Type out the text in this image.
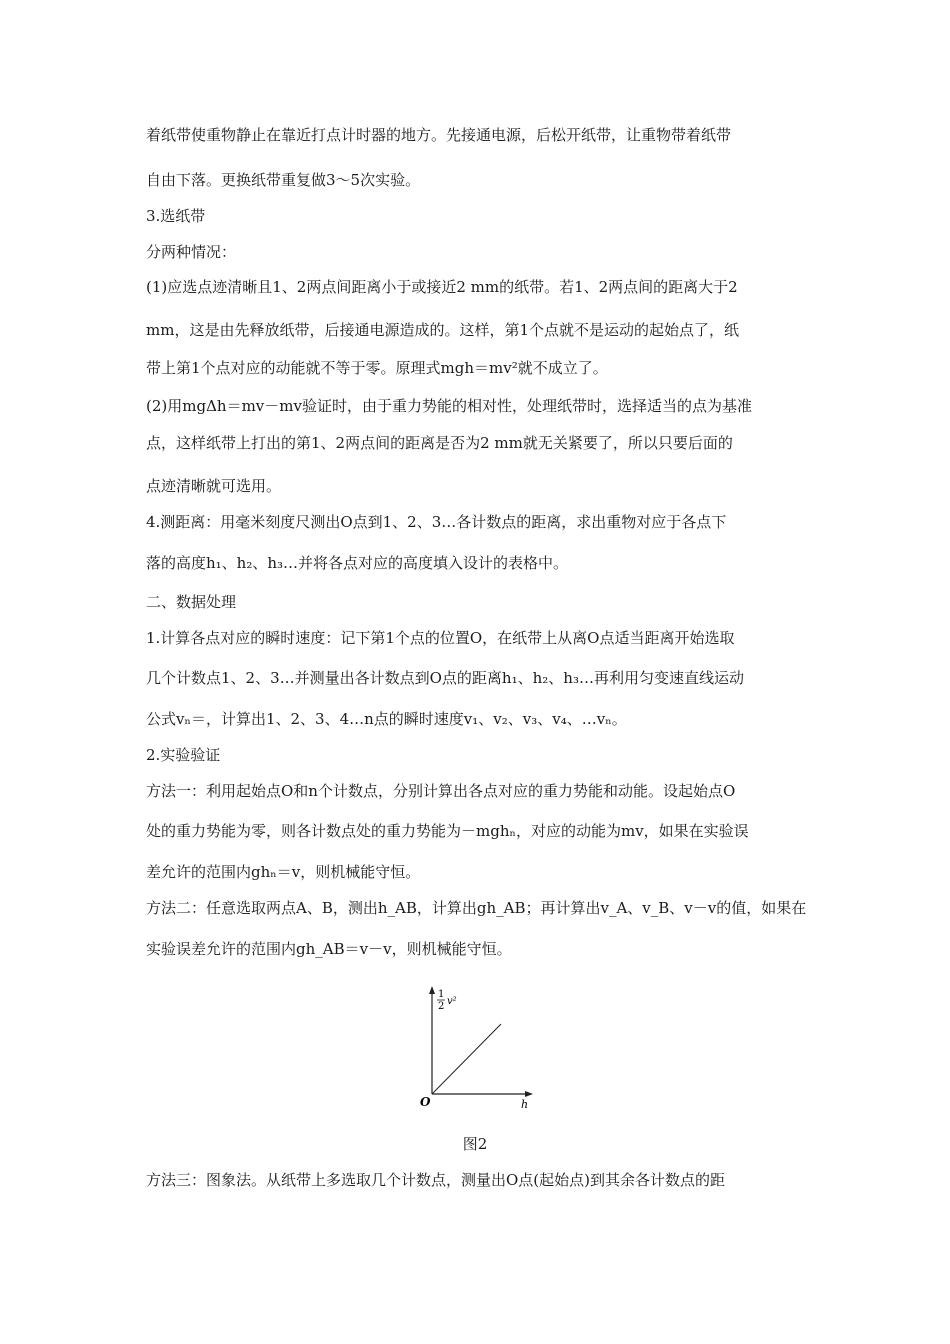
着纸带使重物静止在靠近打点计时器的地方。先接通电源，后松开纸带，让重物带着纸带
自由下落。更换纸带重复做3～5次实验。
3.选纸带
分两种情况：
(1)应选点迹清晰且1、2两点间距离小于或接近2 mm的纸带。若1、2两点间的距离大于2
mm，这是由先释放纸带，后接通电源造成的。这样，第1个点就不是运动的起始点了，纸
带上第1个点对应的动能就不等于零。原理式mgh＝mv²就不成立了。
(2)用mgΔh＝mv－mv验证时，由于重力势能的相对性，处理纸带时，选择适当的点为基准
点，这样纸带上打出的第1、2两点间的距离是否为2 mm就无关紧要了，所以只要后面的
点迹清晰就可选用。
4.测距离：用毫米刻度尺测出O点到1、2、3…各计数点的距离，求出重物对应于各点下
落的高度h₁、h₂、h₃…并将各点对应的高度填入设计的表格中。
二、数据处理
1.计算各点对应的瞬时速度：记下第1个点的位置O，在纸带上从离O点适当距离开始选取
几个计数点1、2、3…并测量出各计数点到O点的距离h₁、h₂、h₃…再利用匀变速直线运动
公式vₙ＝，计算出1、2、3、4…n点的瞬时速度v₁、v₂、v₃、v₄、…vₙ。
2.实验验证
方法一：利用起始点O和n个计数点，分别计算出各点对应的重力势能和动能。设起始点O
处的重力势能为零，则各计数点处的重力势能为－mghₙ，对应的动能为mv，如果在实验误
差允许的范围内ghₙ＝v，则机械能守恒。
方法二：任意选取两点A、B，测出h_AB，计算出gh_AB；再计算出v_A、v_B、v－v的值，如果在
实验误差允许的范围内gh_AB＝v－v，则机械能守恒。
1
2 v²
O	h
图2
方法三：图象法。从纸带上多选取几个计数点，测量出O点(起始点)到其余各计数点的距
